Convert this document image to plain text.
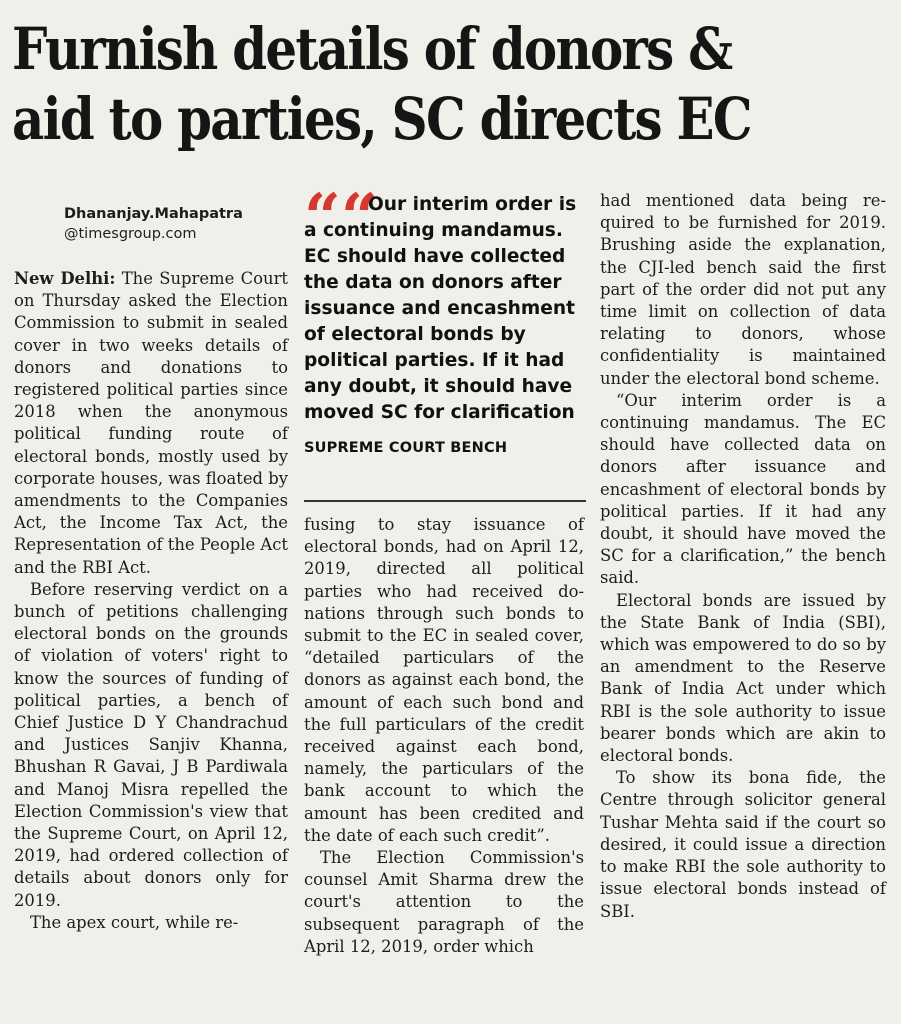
Furnish details of donors &
aid to parties, SC directs EC
Dhananjay.Mahapatra
@timesgroup.com

New Delhi: The Supreme Court on Thursday asked the Election Commission to submit in sealed cover in two weeks details of donors and donations to registered political parties since 2018 when the anonymous political funding route of electoral bonds, mostly used by corporate houses, was floated by amendments to the Companies Act, the Income Tax Act, the Representation of the People Act and the RBI Act.

Before reserving verdict on a bunch of petitions challenging electoral bonds on the grounds of violation of voters' right to know the sources of funding of political parties, a bench of Chief Justice D Y Chandrachud and Justices Sanjiv Khanna, Bhushan R Gavai, J B Pardiwala and Manoj Misra repelled the Election Commission's view that the Supreme Court, on April 12, 2019, had ordered collection of details about donors only for 2019.

The apex court, while re-

““
Our interim order is a continuing mandamus. EC should have collected the data on donors after issuance and encashment of electoral bonds by political parties. If it had any doubt, it should have moved SC for clarification
SUPREME COURT BENCH

fusing to stay issuance of electoral bonds, had on April 12, 2019, directed all political parties who had received donations through such bonds to submit to the EC in sealed cover, “detailed particulars of the donors as against each bond, the amount of each such bond and the full particulars of the credit received against each bond, namely, the particulars of the bank account to which the amount has been credited and the date of each such credit”.

The Election Commission's counsel Amit Sharma drew the court's attention to the subsequent paragraph of the April 12, 2019, order which

had mentioned data being required to be furnished for 2019. Brushing aside the explanation, the CJI-led bench said the first part of the order did not put any time limit on collection of data relating to donors, whose confidentiality is maintained under the electoral bond scheme.

“Our interim order is a continuing mandamus. The EC should have collected data on donors after issuance and encashment of electoral bonds by political parties. If it had any doubt, it should have moved the SC for a clarification,” the bench said.

Electoral bonds are issued by the State Bank of India (SBI), which was empowered to do so by an amendment to the Reserve Bank of India Act under which RBI is the sole authority to issue bearer bonds which are akin to electoral bonds.

To show its bona fide, the Centre through solicitor general Tushar Mehta said if the court so desired, it could issue a direction to make RBI the sole authority to issue electoral bonds instead of SBI.
